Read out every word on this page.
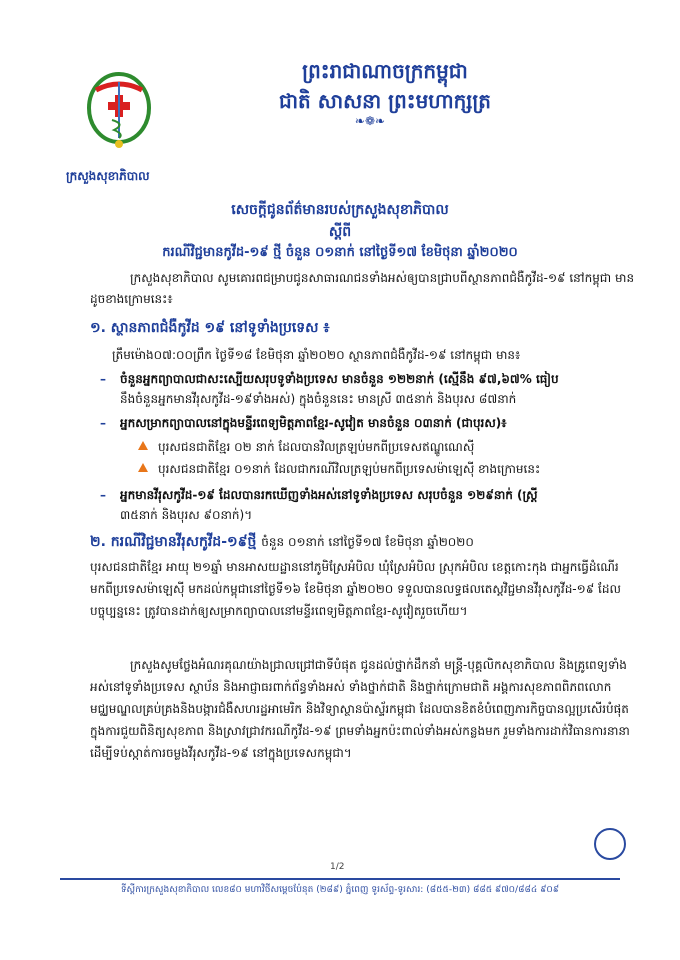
ព្រះរាជាណាចក្រកម្ពុជា
ជាតិ សាសនា ព្រះមហាក្សត្រ
❧❁❧
ក្រសួងសុខាភិបាល
សេចក្តីជូនព័ត៌មានរបស់ក្រសួងសុខាភិបាល
ស្តីពី
ករណីវិជ្ជមានកូវីដ-១៩ ថ្មី ចំនួន ០១នាក់ នៅថ្ងៃទី១៧ ខែមិថុនា ឆ្នាំ២០២០
ក្រសួងសុខាភិបាល សូមគោរពជម្រាបជូនសាធារណជនទាំងអស់ឲ្យបានជ្រាបពីស្ថានភាពជំងឺកូវីដ-១៩ នៅកម្ពុជា មានដូចខាងក្រោមនេះ៖
១. ស្ថានភាពជំងឺកូវីដ ១៩ នៅទូទាំងប្រទេស ៖
ត្រឹមម៉ោង០៧:០០ព្រឹក ថ្ងៃទី១៨ ខែមិថុនា ឆ្នាំ២០២០ ស្ថានភាពជំងឺកូវីដ-១៩ នៅកម្ពុជា មាន៖
– ចំនួនអ្នកព្យាបាលជាសះស្បើយសរុបទូទាំងប្រទេស មានចំនួន ១២២នាក់ (ស្មើនឹង ៩៧,៦៧% ធៀប
នឹងចំនួនអ្នកមានវីរុសកូវីដ-១៩ទាំងអស់) ក្នុងចំនួននេះ មានស្រី ៣៥នាក់ និងបុរស ៨៧នាក់
– អ្នកសម្រាកព្យាបាលនៅក្នុងមន្ទីរពេទ្យមិត្តភាពខ្មែរ-សូវៀត មានចំនួន ០៣នាក់ (ជាបុរស)៖
បុរសជនជាតិខ្មែរ ០២ នាក់ ដែលបានវិលត្រឡប់មកពីប្រទេសឥណ្ឌូណេស៊ី
បុរសជនជាតិខ្មែរ ០១នាក់ ដែលជាករណីវិលត្រឡប់មកពីប្រទេសម៉ាឡេស៊ី ខាងក្រោមនេះ
– អ្នកមានវីរុសកូវីដ-១៩ ដែលបានរកឃើញទាំងអស់នៅទូទាំងប្រទេស សរុបចំនួន ១២៩នាក់ (ស្ត្រី
៣៥នាក់ និងបុរស ៩០នាក់)។
២. ករណីវិជ្ជមានវីរុសកូវីដ-១៩ថ្មី ចំនួន ០១នាក់ នៅថ្ងៃទី១៧ ខែមិថុនា ឆ្នាំ២០២០
បុរសជនជាតិខ្មែរ អាយុ ២១ឆ្នាំ មានអាសយដ្ឋាននៅភូមិស្រែអំបិល ឃុំស្រែអំបិល ស្រុកអំបិល ខេត្តកោះកុង ជាអ្នកធ្វើដំណើរមកពីប្រទេសម៉ាឡេស៊ី មកដល់កម្ពុជានៅថ្ងៃទី១៦ ខែមិថុនា ឆ្នាំ២០២០ ទទួលបានលទ្ធផលតេស្តវិជ្ជមានវីរុសកូវីដ-១៩ ដែលបច្ចុប្បន្ននេះ ត្រូវបានដាក់ឲ្យសម្រាកព្យាបាលនៅមន្ទីរពេទ្យមិត្តភាពខ្មែរ-សូវៀតរួចហើយ។
ក្រសួងសូមថ្លែងអំណរគុណយ៉ាងជ្រាលជ្រៅជាទីបំផុត ជូនដល់ថ្នាក់ដឹកនាំ មន្ត្រី-បុគ្គលិកសុខាភិបាល និងគ្រូពេទ្យទាំងអស់នៅទូទាំងប្រទេស ស្ថាប័ន និងអាជ្ញាធរពាក់ព័ន្ធទាំងអស់ ទាំងថ្នាក់ជាតិ និងថ្នាក់ក្រោមជាតិ អង្គការសុខភាពពិភពលោក មជ្ឈមណ្ឌលគ្រប់គ្រងនិងបង្ការជំងឺសហរដ្ឋអាមេរិក និងវិទ្យាស្ថានប៉ាស្ទ័រកម្ពុជា ដែលបានខិតខំបំពេញភារកិច្ចបានល្អប្រសើរបំផុត ក្នុងការជួយពិនិត្យសុខភាព និងស្រាវជ្រាវករណីកូវីដ-១៩ ព្រមទាំងអ្នកប៉ះពាល់ទាំងអស់កន្លងមក រួមទាំងការដាក់វិធានការនានា ដើម្បីទប់ស្កាត់ការចម្លងវីរុសកូវីដ-១៩ នៅក្នុងប្រទេសកម្ពុជា។
1/2
ទីស្តីការក្រសួងសុខាភិបាល លេខ៨០ មហាវិថីសម្តេចប៉ែនុត (២៨៩) ភ្នំពេញ ទូរស័ព្ទ-ទូរសារ: (៨៥៥-២៣) ៨៨៥ ៩៧០/៨៨៤ ៩០៩
